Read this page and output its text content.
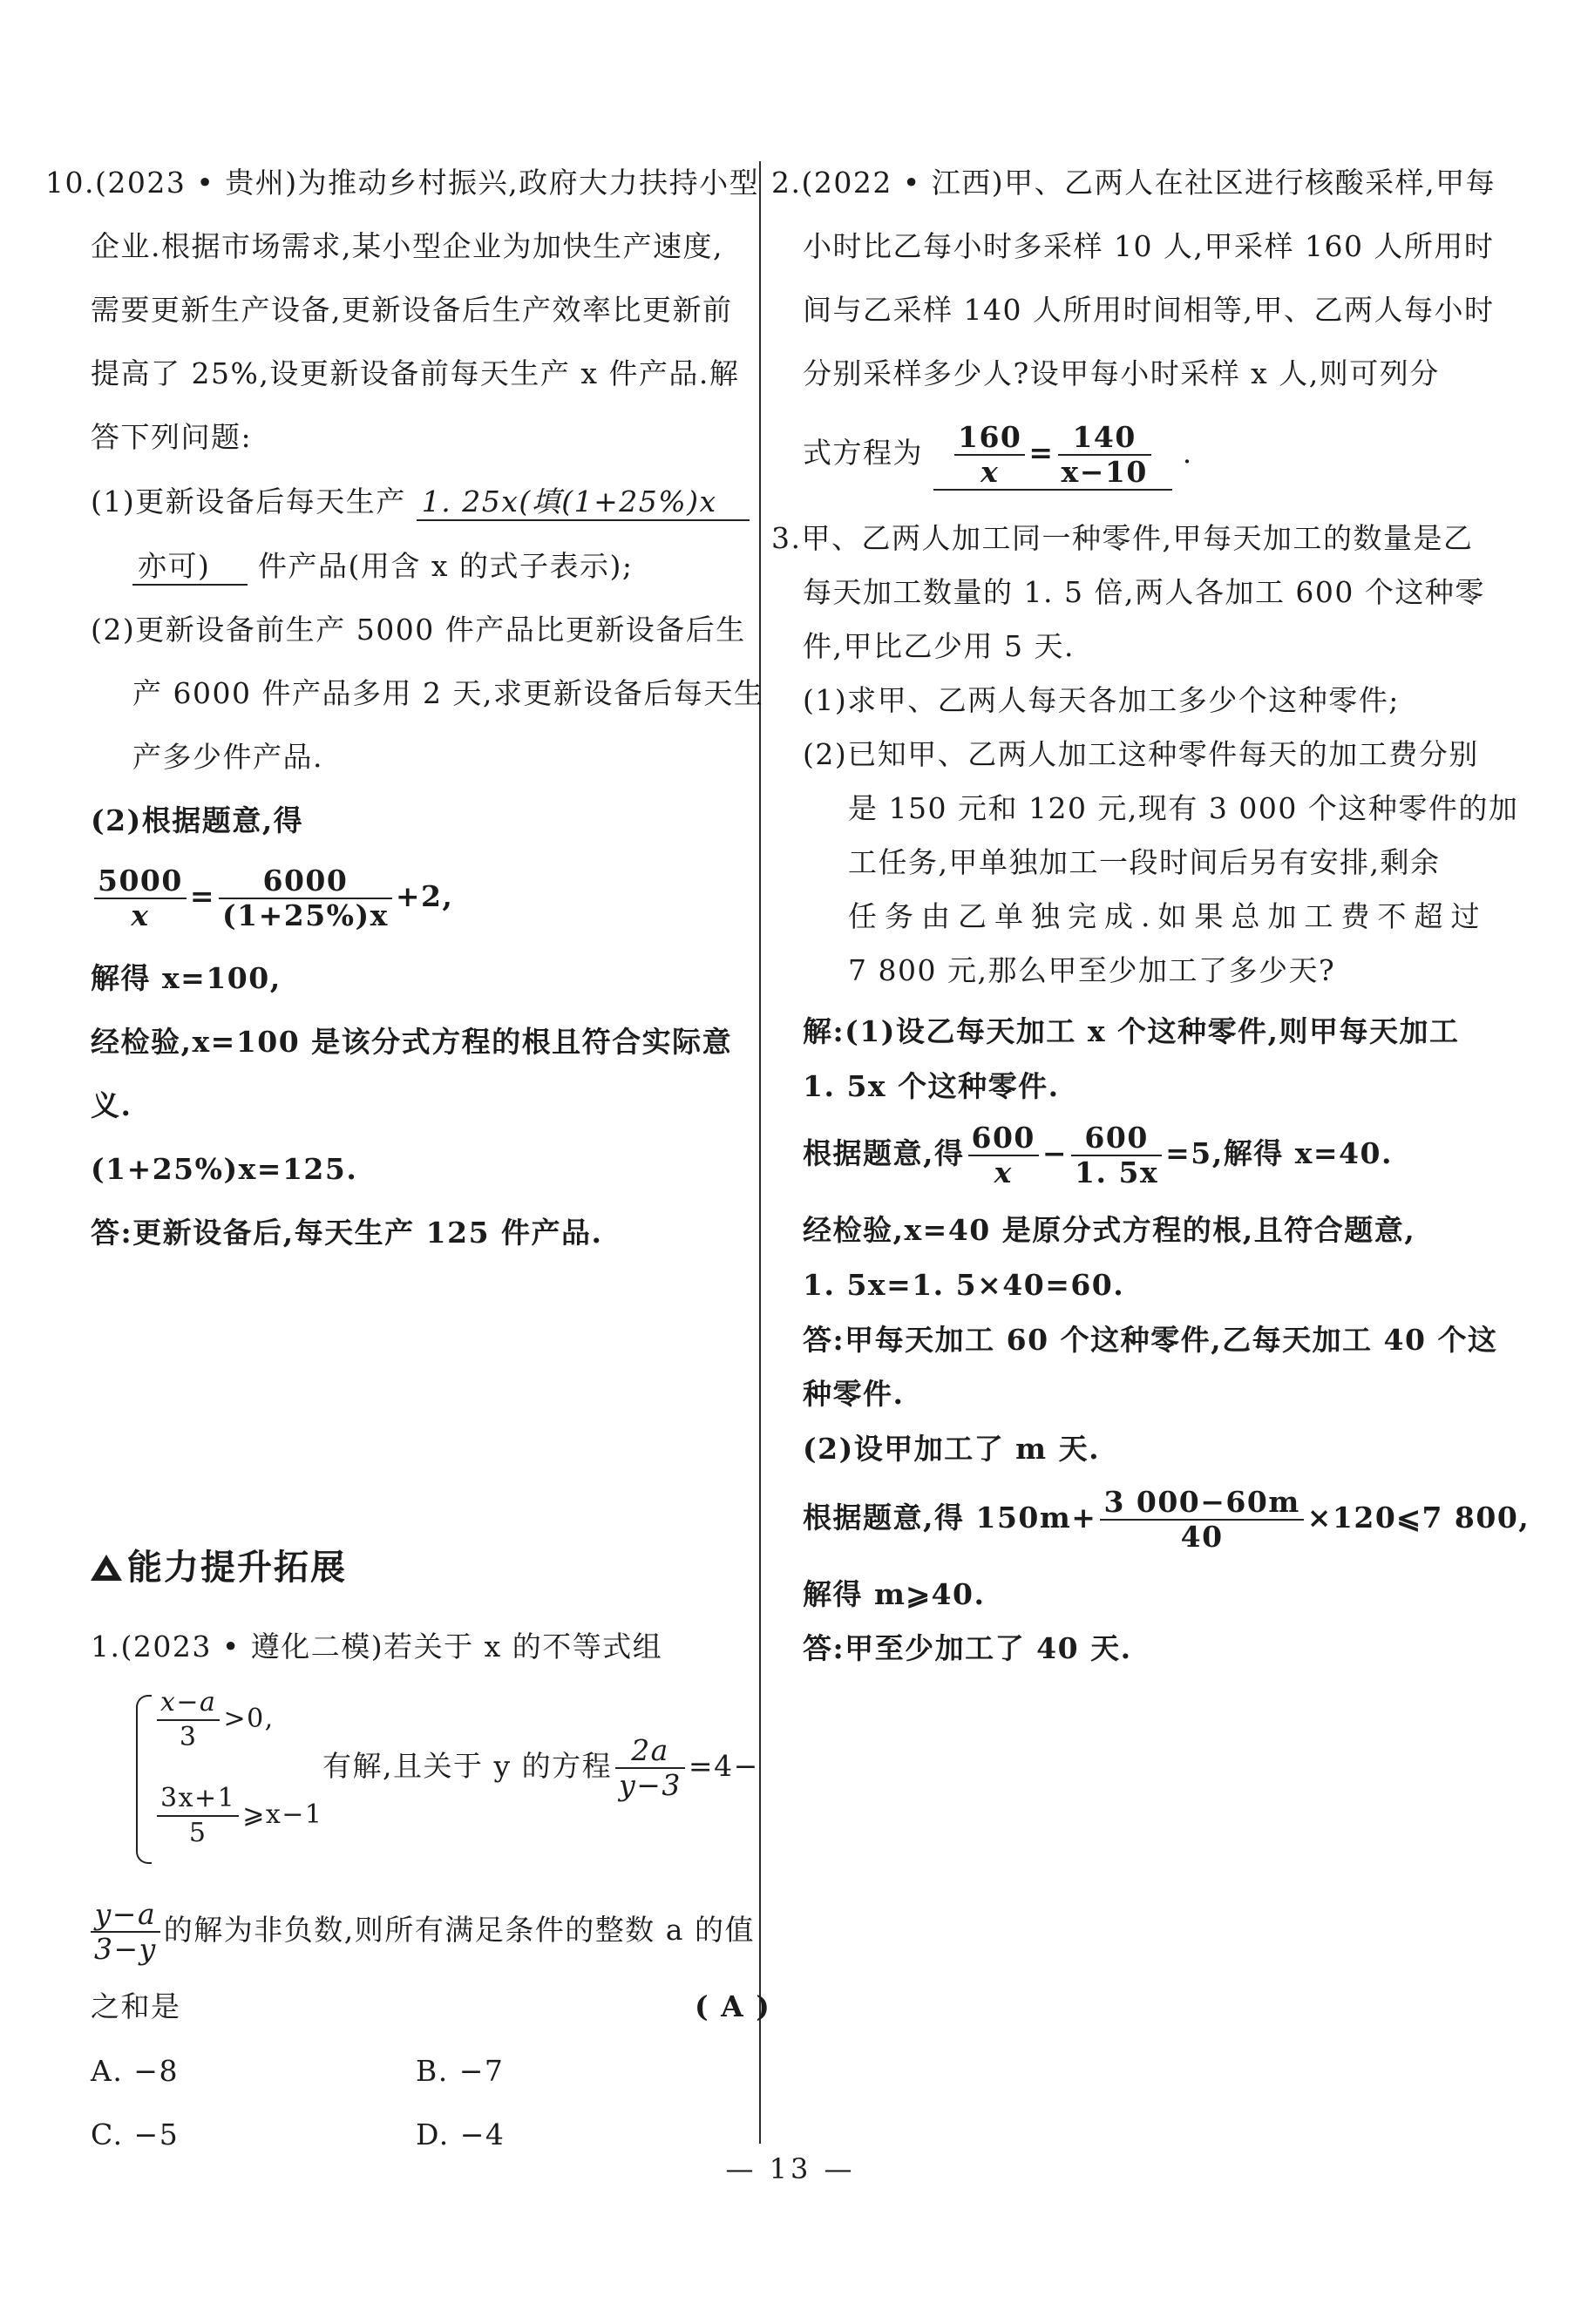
10.(2023 • 贵州)为推动乡村振兴,政府大力扶持小型
企业.根据市场需求,某小型企业为加快生产速度,
需要更新生产设备,更新设备后生产效率比更新前
提高了 25%,设更新设备前每天生产 x 件产品.解
答下列问题:
(1)更新设备后每天生产 1. 25x(填(1+25%)x
亦可) 件产品(用含 x 的式子表示);
(2)更新设备前生产 5000 件产品比更新设备后生
产 6000 件产品多用 2 天,求更新设备后每天生
产多少件产品.
(2)根据题意,得
$\frac{5000}{x} = \frac{6000}{(1+25\%)x} +2$,
解得 x=100,
经检验,x=100 是该分式方程的根且符合实际意
义.
(1+25%)x=125.
答:更新设备后,每天生产 125 件产品.
能力提升拓展
1.(2023 • 遵化二模)若关于 x 的不等式组
$\frac{x-a}{3} >0$,
$\frac{3x+1}{5}$ ⩾x−1
有解,且关于 y 的方程 $\frac{2a}{y-3} =4-$
$\frac{y-a}{3-y}$ 的解为非负数,则所有满足条件的整数 a 的值
之和是	( A )
A. −8	B. −7
C. −5	D. −4
2.(2022 • 江西)甲、乙两人在社区进行核酸采样,甲每
小时比乙每小时多采样 10 人,甲采样 160 人所用时
间与乙采样 140 人所用时间相等,甲、乙两人每小时
分别采样多少人?设甲每小时采样 x 人,则可列分
式方程为 $\frac{160}{x} = \frac{140}{x-10}$ .
3.甲、乙两人加工同一种零件,甲每天加工的数量是乙
每天加工数量的 1. 5 倍,两人各加工 600 个这种零
件,甲比乙少用 5 天.
(1)求甲、乙两人每天各加工多少个这种零件;
(2)已知甲、乙两人加工这种零件每天的加工费分别
是 150 元和 120 元,现有 3 000 个这种零件的加
工任务,甲单独加工一段时间后另有安排,剩余
任务由乙单独完成.如果总加工费不超过
7 800 元,那么甲至少加工了多少天?
解:(1)设乙每天加工 x 个这种零件,则甲每天加工
1. 5x 个这种零件.
根据题意,得 $\frac{600}{x} - \frac{600}{1. 5x} =5$,解得 x=40.
经检验,x=40 是原分式方程的根,且符合题意,
1. 5x=1. 5×40=60.
答:甲每天加工 60 个这种零件,乙每天加工 40 个这
种零件.
(2)设甲加工了 m 天.
根据题意,得 $150m+ \frac{3 000-60m}{40}$ ×120⩽7 800,
解得 m⩾40.
答:甲至少加工了 40 天.
— 13 —
